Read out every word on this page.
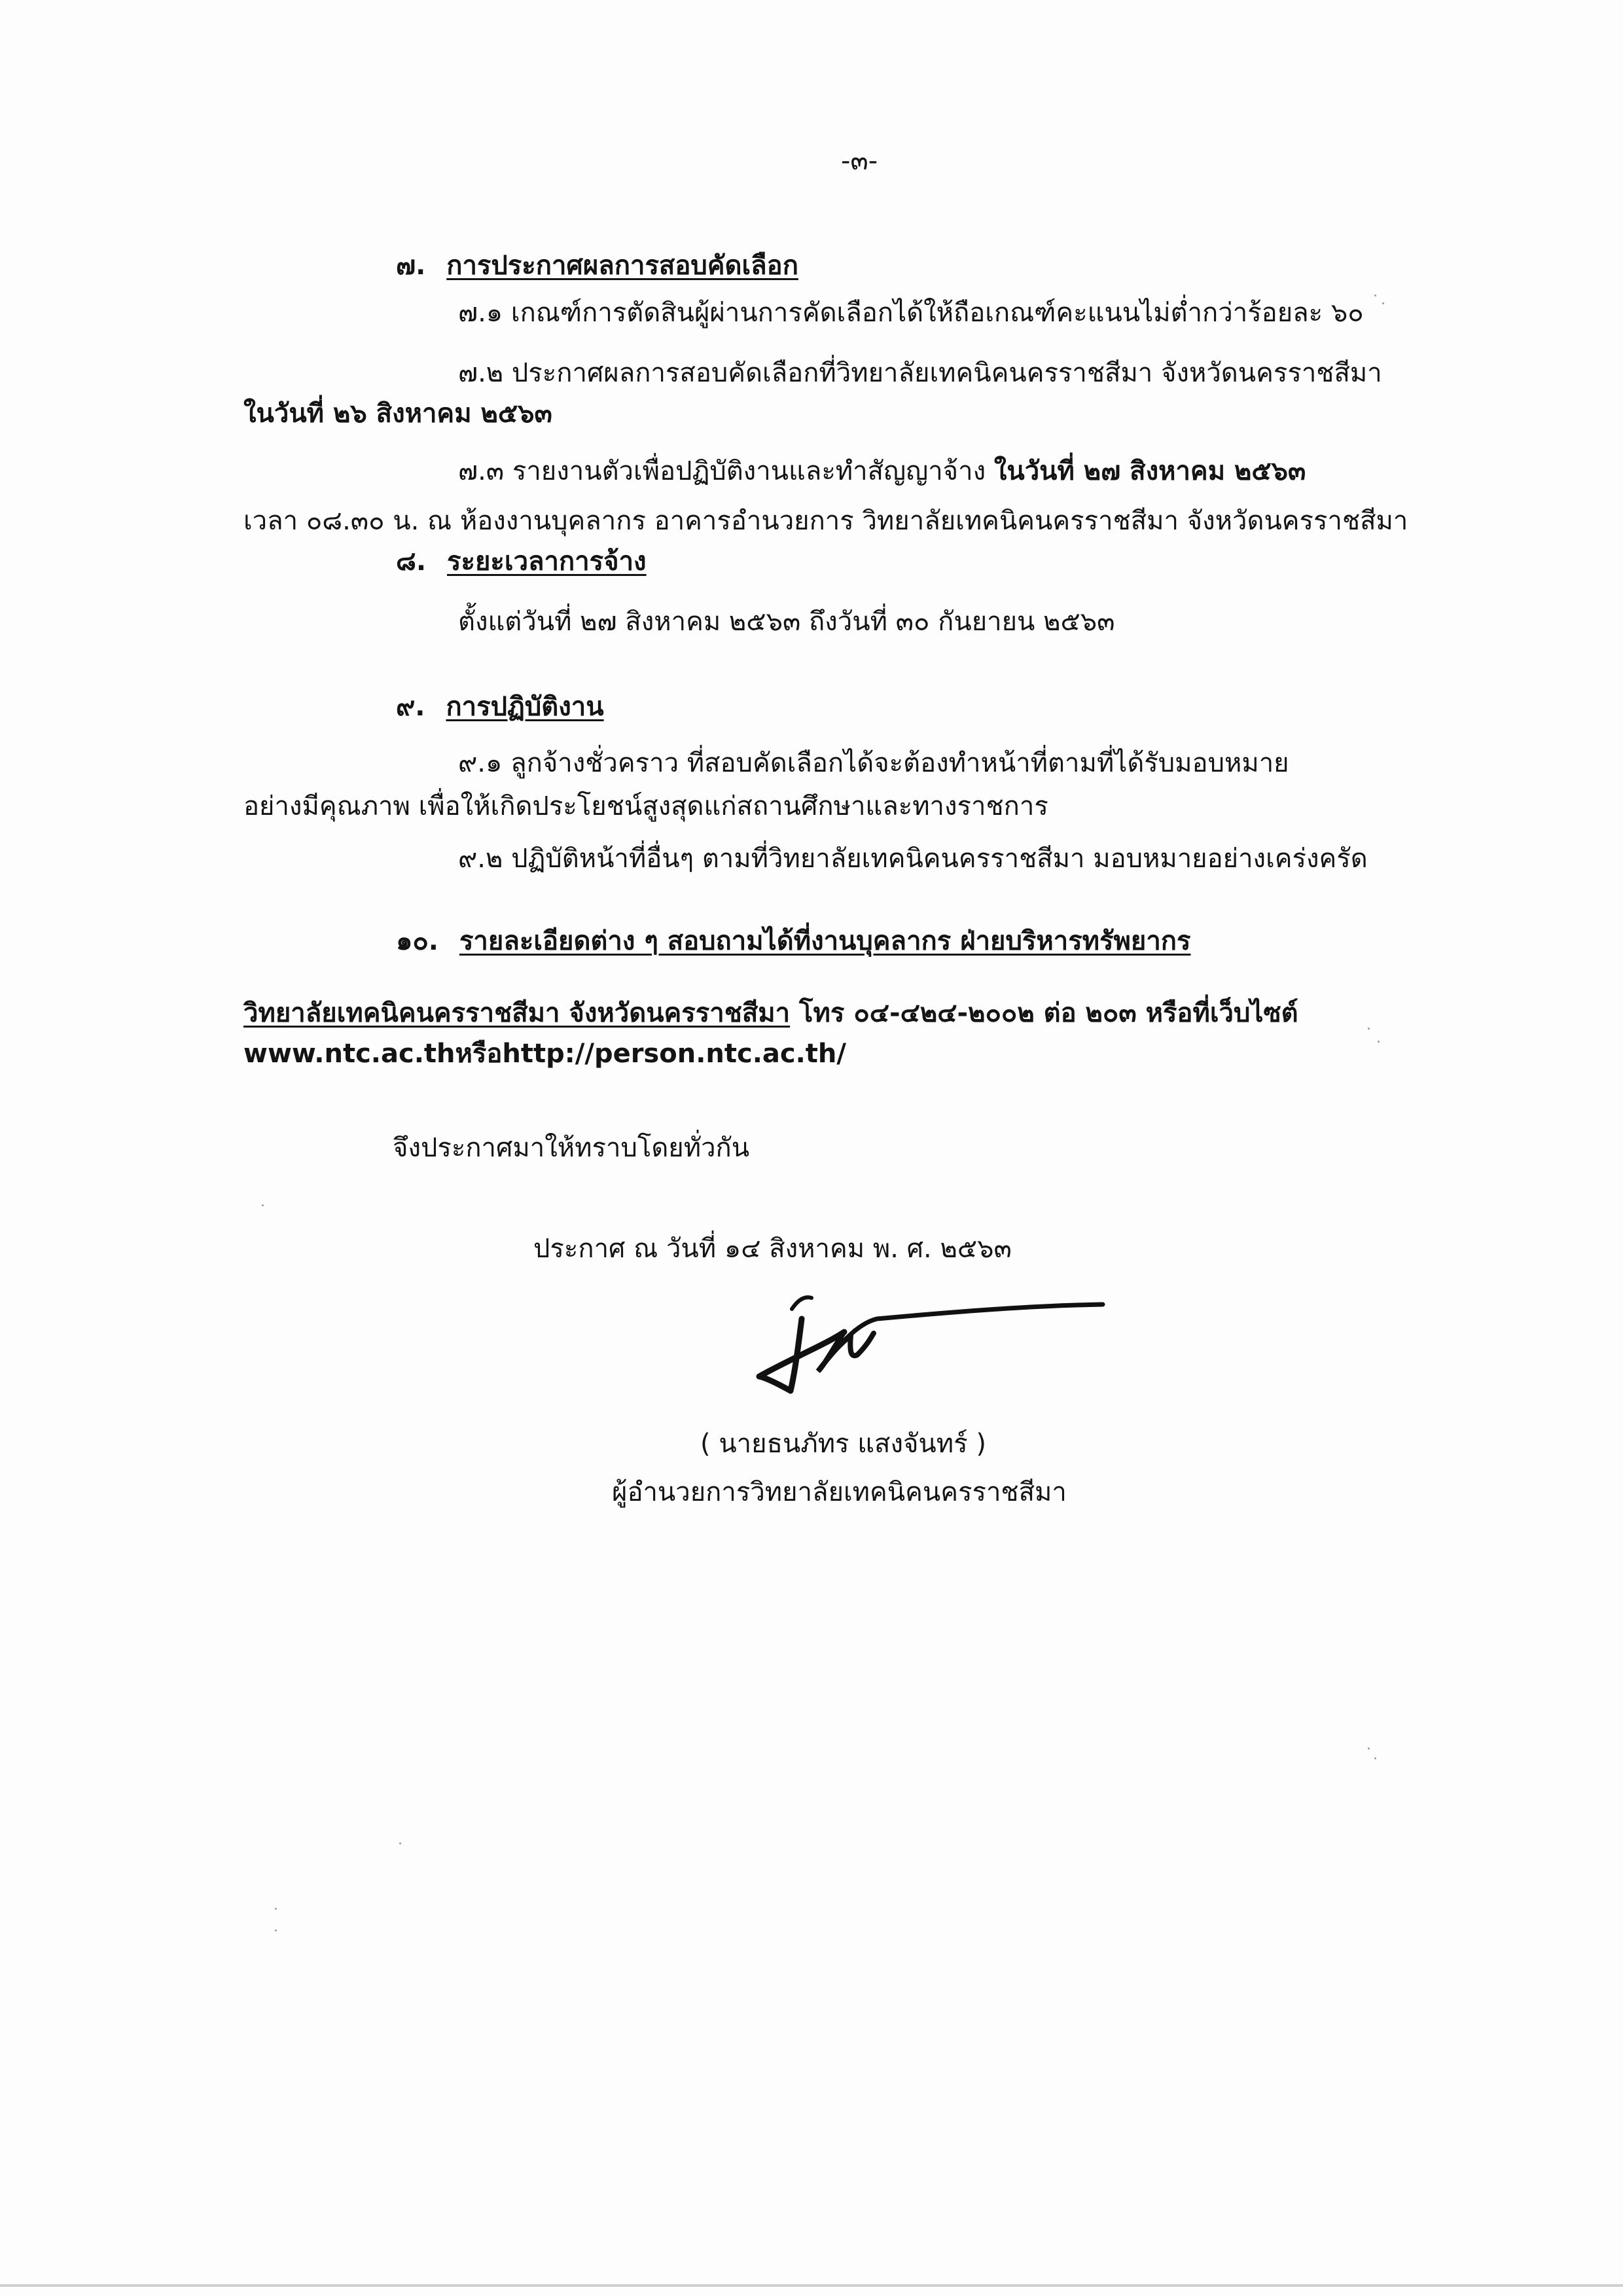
-๓-
๗. การประกาศผลการสอบคัดเลือก
๗.๑ เกณฑ์การตัดสินผู้ผ่านการคัดเลือกได้ให้ถือเกณฑ์คะแนนไม่ต่ำกว่าร้อยละ ๖๐
๗.๒ ประกาศผลการสอบคัดเลือกที่วิทยาลัยเทคนิคนครราชสีมา จังหวัดนครราชสีมา
ในวันที่ ๒๖ สิงหาคม ๒๕๖๓
๗.๓ รายงานตัวเพื่อปฏิบัติงานและทำสัญญาจ้าง ในวันที่ ๒๗ สิงหาคม ๒๕๖๓
เวลา ๐๘.๓๐ น. ณ ห้องงานบุคลากร อาคารอำนวยการ วิทยาลัยเทคนิคนครราชสีมา จังหวัดนครราชสีมา
๘. ระยะเวลาการจ้าง
ตั้งแต่วันที่ ๒๗ สิงหาคม ๒๕๖๓ ถึงวันที่ ๓๐ กันยายน ๒๕๖๓
๙. การปฏิบัติงาน
๙.๑ ลูกจ้างชั่วคราว ที่สอบคัดเลือกได้จะต้องทำหน้าที่ตามที่ได้รับมอบหมาย
อย่างมีคุณภาพ เพื่อให้เกิดประโยชน์สูงสุดแก่สถานศึกษาและทางราชการ
๙.๒ ปฏิบัติหน้าที่อื่นๆ ตามที่วิทยาลัยเทคนิคนครราชสีมา มอบหมายอย่างเคร่งครัด
๑๐. รายละเอียดต่าง ๆ สอบถามได้ที่งานบุคลากร ฝ่ายบริหารทรัพยากร
วิทยาลัยเทคนิคนครราชสีมา จังหวัดนครราชสีมา โทร ๐๔-๔๒๔-๒๐๐๒ ต่อ ๒๐๓ หรือที่เว็บไซต์
www.ntc.ac.thหรือhttp://person.ntc.ac.th/
จึงประกาศมาให้ทราบโดยทั่วกัน
ประกาศ ณ วันที่ ๑๔ สิงหาคม พ. ศ. ๒๕๖๓
( นายธนภัทร แสงจันทร์ )
ผู้อำนวยการวิทยาลัยเทคนิคนครราชสีมา
